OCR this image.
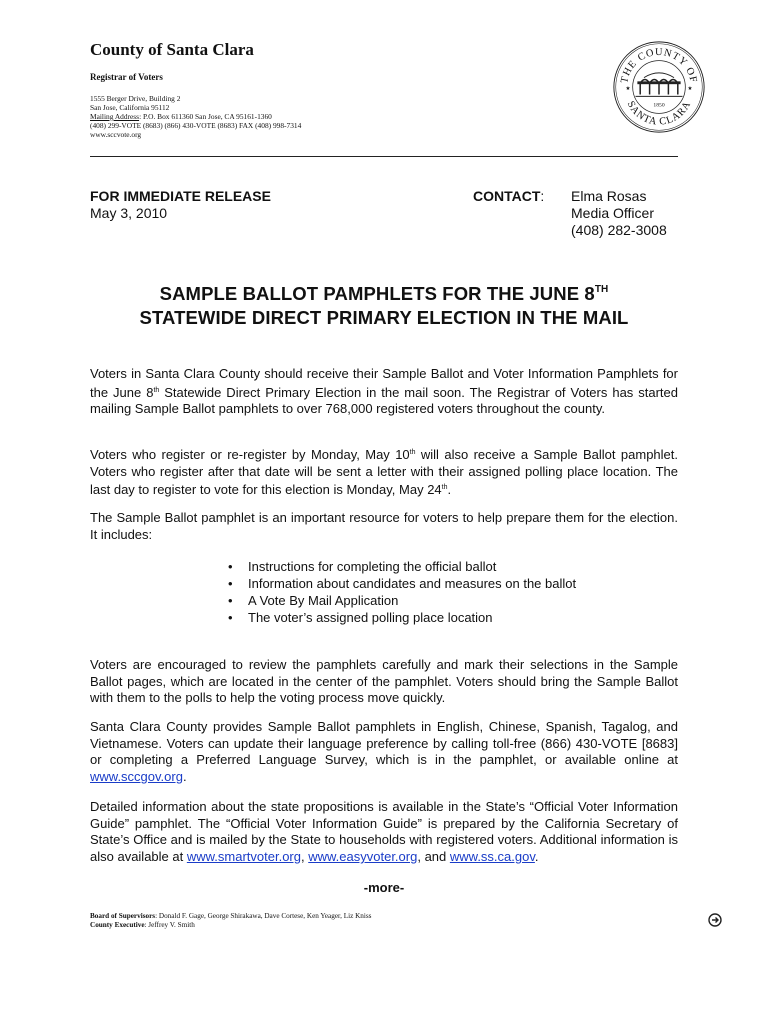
County of Santa Clara

Registrar of Voters

1555 Berger Drive, Building 2
San Jose, California 95112
Mailing Address: P.O. Box 611360 San Jose, CA 95161-1360
(408) 299-VOTE (8683) (866) 430-VOTE (8683) FAX (408) 998-7314
www.sccvote.org
THE COUNTY OF
SANTA CLARA
1850
★	★
FOR IMMEDIATE RELEASE
May 3, 2010
CONTACT: Elma Rosas
Media Officer
(408) 282-3008
SAMPLE BALLOT PAMPHLETS FOR THE JUNE 8TH
STATEWIDE DIRECT PRIMARY ELECTION IN THE MAIL
Voters in Santa Clara County should receive their Sample Ballot and Voter Information Pamphlets for the June 8th Statewide Direct Primary Election in the mail soon. The Registrar of Voters has started mailing Sample Ballot pamphlets to over 768,000 registered voters throughout the county.
Voters who register or re-register by Monday, May 10th will also receive a Sample Ballot pamphlet. Voters who register after that date will be sent a letter with their assigned polling place location. The last day to register to vote for this election is Monday, May 24th.
The Sample Ballot pamphlet is an important resource for voters to help prepare them for the election. It includes:
• Instructions for completing the official ballot
• Information about candidates and measures on the ballot
• A Vote By Mail Application
• The voter’s assigned polling place location
Voters are encouraged to review the pamphlets carefully and mark their selections in the Sample Ballot pages, which are located in the center of the pamphlet. Voters should bring the Sample Ballot with them to the polls to help the voting process move quickly.
Santa Clara County provides Sample Ballot pamphlets in English, Chinese, Spanish, Tagalog, and Vietnamese. Voters can update their language preference by calling toll-free (866) 430-VOTE [8683] or completing a Preferred Language Survey, which is in the pamphlet, or available online at www.sccgov.org.
Detailed information about the state propositions is available in the State’s “Official Voter Information Guide” pamphlet. The “Official Voter Information Guide” is prepared by the California Secretary of State’s Office and is mailed by the State to households with registered voters. Additional information is also available at www.smartvoter.org, www.easyvoter.org, and www.ss.ca.gov.
-more-
Board of Supervisors: Donald F. Gage, George Shirakawa, Dave Cortese, Ken Yeager, Liz Kniss
County Executive: Jeffrey V. Smith
